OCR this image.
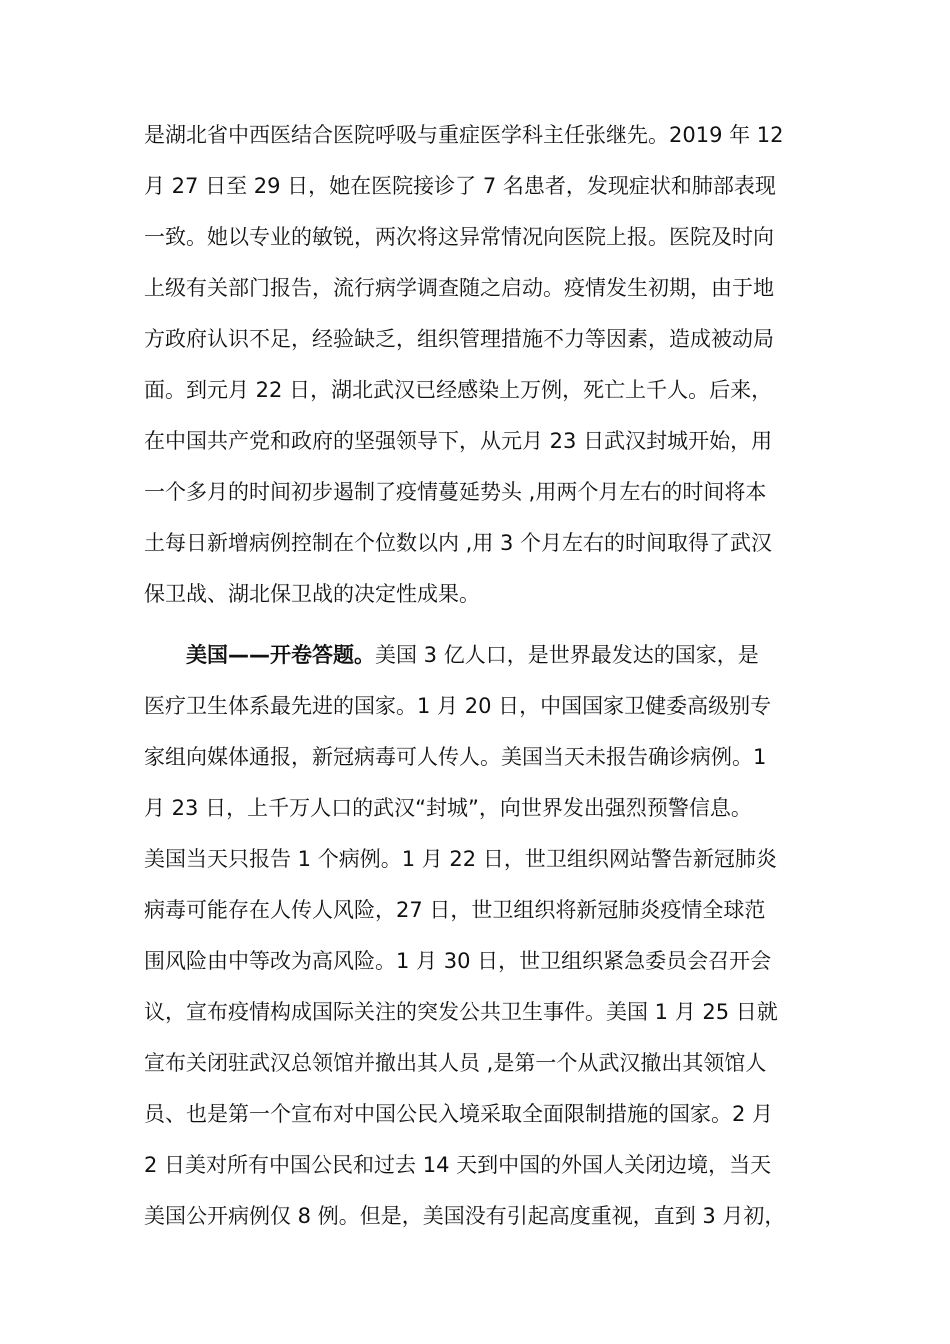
是湖北省中西医结合医院呼吸与重症医学科主任张继先。2019 年 12
月 27 日至 29 日，她在医院接诊了 7 名患者，发现症状和肺部表现
一致。她以专业的敏锐，两次将这异常情况向医院上报。医院及时向
上级有关部门报告，流行病学调查随之启动。疫情发生初期，由于地
方政府认识不足，经验缺乏，组织管理措施不力等因素，造成被动局
面。到元月 22 日，湖北武汉已经感染上万例，死亡上千人。后来，
在中国共产党和政府的坚强领导下，从元月 23 日武汉封城开始，用
一个多月的时间初步遏制了疫情蔓延势头 ,用两个月左右的时间将本
土每日新增病例控制在个位数以内 ,用 3 个月左右的时间取得了武汉
保卫战、湖北保卫战的决定性成果。
美国——开卷答题。美国 3 亿人口，是世界最发达的国家，是
医疗卫生体系最先进的国家。1 月 20 日，中国国家卫健委高级别专
家组向媒体通报，新冠病毒可人传人。美国当天未报告确诊病例。1
月 23 日，上千万人口的武汉“封城”，向世界发出强烈预警信息。
美国当天只报告 1 个病例。1 月 22 日，世卫组织网站警告新冠肺炎
病毒可能存在人传人风险，27 日，世卫组织将新冠肺炎疫情全球范
围风险由中等改为高风险。1 月 30 日，世卫组织紧急委员会召开会
议，宣布疫情构成国际关注的突发公共卫生事件。美国 1 月 25 日就
宣布关闭驻武汉总领馆并撤出其人员 ,是第一个从武汉撤出其领馆人
员、也是第一个宣布对中国公民入境采取全面限制措施的国家。2 月
2 日美对所有中国公民和过去 14 天到中国的外国人关闭边境，当天
美国公开病例仅 8 例。但是，美国没有引起高度重视，直到 3 月初，
